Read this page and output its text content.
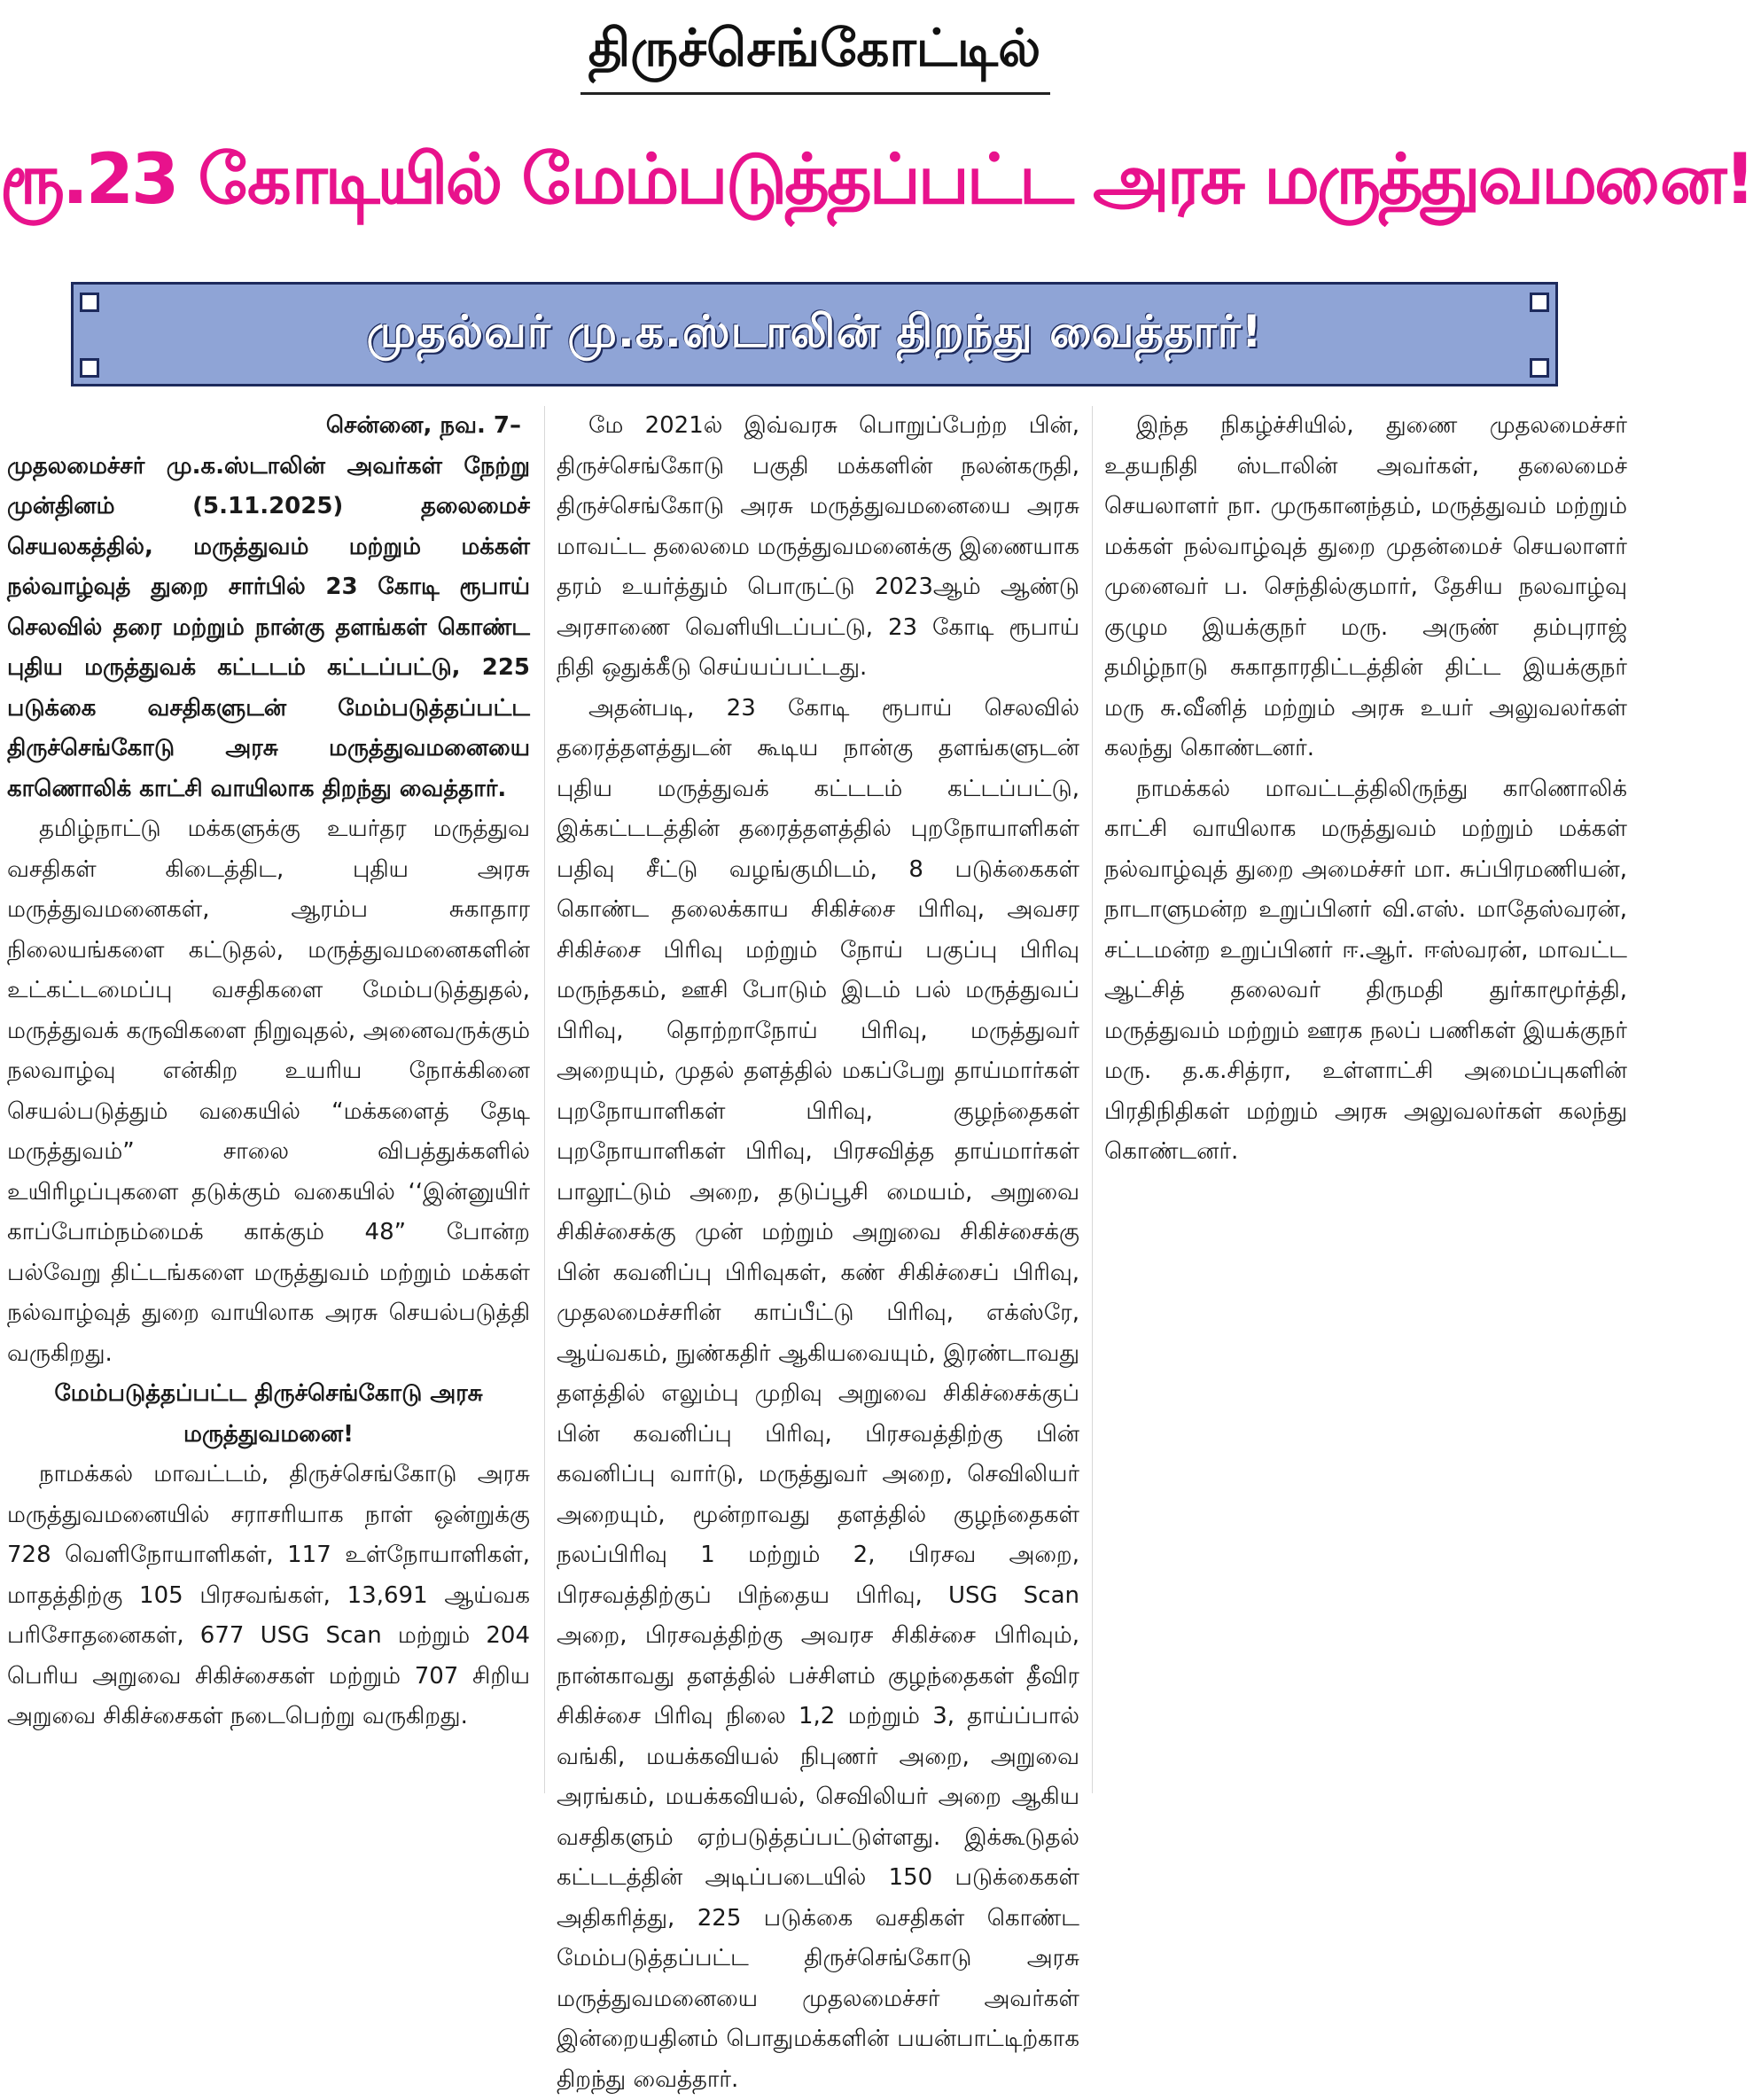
திருச்செங்கோட்டில்
ரூ.23 கோடியில் மேம்படுத்தப்பட்ட அரசு மருத்துவமனை!
முதல்வர் மு.க.ஸ்டாலின் திறந்து வைத்தார்!

சென்னை, நவ. 7–
முதலமைச்சர் மு.க.ஸ்டாலின் அவர்கள் நேற்று முன்தினம் (5.11.2025) தலைமைச் செயலகத்தில், மருத்துவம் மற்றும் மக்கள் நல்வாழ்வுத் துறை சார்பில் 23 கோடி ரூபாய் செலவில் தரை மற்றும் நான்கு தளங்கள் கொண்ட புதிய மருத்துவக் கட்டடம் கட்டப்பட்டு, 225 படுக்கை வசதிகளுடன் மேம்படுத்தப்பட்ட திருச்செங்கோடு அரசு மருத்துவமனையை காணொலிக் காட்சி வாயிலாக திறந்து வைத்தார்.

தமிழ்நாட்டு மக்களுக்கு உயர்தர மருத்துவ வசதிகள் கிடைத்திட, புதிய அரசு மருத்துவமனைகள், ஆரம்ப சுகாதார நிலையங்களை கட்டுதல், மருத்துவமனைகளின் உட்கட்டமைப்பு வசதிகளை மேம்படுத்துதல், மருத்துவக் கருவிகளை நிறுவுதல், அனைவருக்கும் நலவாழ்வு என்கிற உயரிய நோக்கினை செயல்படுத்தும் வகையில் “மக்களைத் தேடி மருத்துவம்” சாலை விபத்துக்களில் உயிரிழப்புகளை தடுக்கும் வகையில் ‘‘இன்னுயிர் காப்போம்நம்மைக் காக்கும் 48” போன்ற பல்வேறு திட்டங்களை மருத்துவம் மற்றும் மக்கள் நல்வாழ்வுத் துறை வாயிலாக அரசு செயல்படுத்தி வருகிறது.

மேம்படுத்தப்பட்ட திருச்செங்கோடு அரசு மருத்துவமனை!

நாமக்கல் மாவட்டம், திருச்செங்கோடு அரசு மருத்துவமனையில் சராசரியாக நாள் ஒன்றுக்கு 728 வெளிநோயாளிகள், 117 உள்நோயாளிகள், மாதத்திற்கு 105 பிரசவங்கள், 13,691 ஆய்வக பரிசோதனைகள், 677 USG Scan மற்றும் 204 பெரிய அறுவை சிகிச்சைகள் மற்றும் 707 சிறிய அறுவை சிகிச்சைகள் நடைபெற்று வருகிறது.

மே 2021ல் இவ்வரசு பொறுப்பேற்ற பின், திருச்செங்கோடு பகுதி மக்களின் நலன்கருதி, திருச்செங்கோடு அரசு மருத்துவமனையை அரசு மாவட்ட தலைமை மருத்துவமனைக்கு இணையாக தரம் உயர்த்தும் பொருட்டு 2023ஆம் ஆண்டு அரசாணை வெளியிடப்பட்டு, 23 கோடி ரூபாய் நிதி ஒதுக்கீடு செய்யப்பட்டது.

அதன்படி, 23 கோடி ரூபாய் செலவில் தரைத்தளத்துடன் கூடிய நான்கு தளங்களுடன் புதிய மருத்துவக் கட்டடம் கட்டப்பட்டு, இக்கட்டடத்தின் தரைத்தளத்தில் புறநோயாளிகள் பதிவு சீட்டு வழங்குமிடம், 8 படுக்கைகள் கொண்ட தலைக்காய சிகிச்சை பிரிவு, அவசர சிகிச்சை பிரிவு மற்றும் நோய் பகுப்பு பிரிவு மருந்தகம், ஊசி போடும் இடம் பல் மருத்துவப் பிரிவு, தொற்றாநோய் பிரிவு, மருத்துவர் அறையும், முதல் தளத்தில் மகப்பேறு தாய்மார்கள் புறநோயாளிகள் பிரிவு, குழந்தைகள் புறநோயாளிகள் பிரிவு, பிரசவித்த தாய்மார்கள் பாலூட்டும் அறை, தடுப்பூசி மையம், அறுவை சிகிச்சைக்கு முன் மற்றும் அறுவை சிகிச்சைக்கு பின் கவனிப்பு பிரிவுகள், கண் சிகிச்சைப் பிரிவு, முதலமைச்சரின் காப்பீட்டு பிரிவு, எக்ஸ்ரே, ஆய்வகம், நுண்கதிர் ஆகியவையும், இரண்டாவது தளத்தில் எலும்பு முறிவு அறுவை சிகிச்சைக்குப் பின் கவனிப்பு பிரிவு, பிரசவத்திற்கு பின் கவனிப்பு வார்டு, மருத்துவர் அறை, செவிலியர் அறையும், மூன்றாவது தளத்தில் குழந்தைகள் நலப்பிரிவு 1 மற்றும் 2, பிரசவ அறை, பிரசவத்திற்குப் பிந்தைய பிரிவு, USG Scan அறை, பிரசவத்திற்கு அவரச சிகிச்சை பிரிவும், நான்காவது தளத்தில் பச்சிளம் குழந்தைகள் தீவிர சிகிச்சை பிரிவு நிலை 1,2 மற்றும் 3, தாய்ப்பால் வங்கி, மயக்கவியல் நிபுணர் அறை, அறுவை அரங்கம், மயக்கவியல், செவிலியர் அறை ஆகிய வசதிகளும் ஏற்படுத்தப்பட்டுள்ளது. இக்கூடுதல் கட்டடத்தின் அடிப்படையில் 150 படுக்கைகள் அதிகரித்து, 225 படுக்கை வசதிகள் கொண்ட மேம்படுத்தப்பட்ட திருச்செங்கோடு அரசு மருத்துவமனையை முதலமைச்சர் அவர்கள் இன்றையதினம் பொதுமக்களின் பயன்பாட்டிற்காக திறந்து வைத்தார்.

இந்த நிகழ்ச்சியில், துணை முதலமைச்சர் உதயநிதி ஸ்டாலின் அவர்கள், தலைமைச் செயலாளர் நா. முருகானந்தம், மருத்துவம் மற்றும் மக்கள் நல்வாழ்வுத் துறை முதன்மைச் செயலாளர் முனைவர் ப. செந்தில்குமார், தேசிய நலவாழ்வு குழும இயக்குநர் மரு. அருண் தம்புராஜ் தமிழ்நாடு சுகாதாரதிட்டத்தின் திட்ட இயக்குநர் மரு சு.வீனித் மற்றும் அரசு உயர் அலுவலர்கள் கலந்து கொண்டனர்.

நாமக்கல் மாவட்டத்திலிருந்து காணொலிக் காட்சி வாயிலாக மருத்துவம் மற்றும் மக்கள் நல்வாழ்வுத் துறை அமைச்சர் மா. சுப்பிரமணியன், நாடாளுமன்ற உறுப்பினர் வி.எஸ். மாதேஸ்வரன், சட்டமன்ற உறுப்பினர் ஈ.ஆர். ஈஸ்வரன், மாவட்ட ஆட்சித் தலைவர் திருமதி துர்காமூர்த்தி, மருத்துவம் மற்றும் ஊரக நலப் பணிகள் இயக்குநர் மரு. த.க.சித்ரா, உள்ளாட்சி அமைப்புகளின் பிரதிநிதிகள் மற்றும் அரசு அலுவலர்கள் கலந்து கொண்டனர்.
